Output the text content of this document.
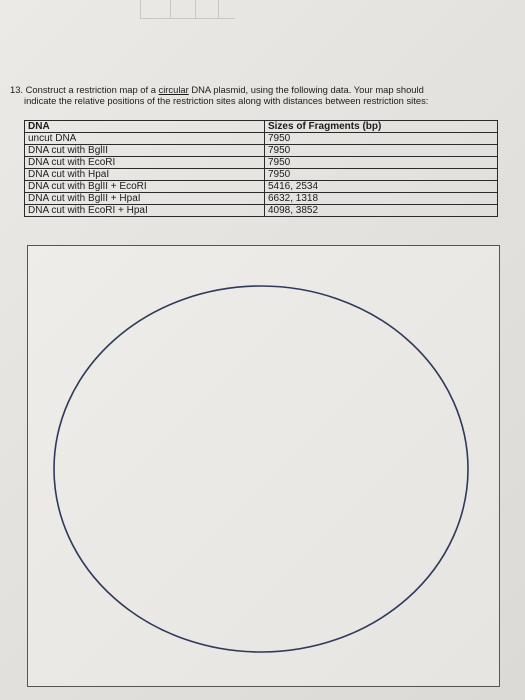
13. Construct a restriction map of a circular DNA plasmid, using the following data. Your map should
indicate the relative positions of the restriction sites along with distances between restriction sites:
DNA	Sizes of Fragments (bp)
uncut DNA	7950
DNA cut with BglII	7950
DNA cut with EcoRI	7950
DNA cut with HpaI	7950
DNA cut with BglII + EcoRI	5416, 2534
DNA cut with BglII + HpaI	6632, 1318
DNA cut with EcoRI + HpaI	4098, 3852
